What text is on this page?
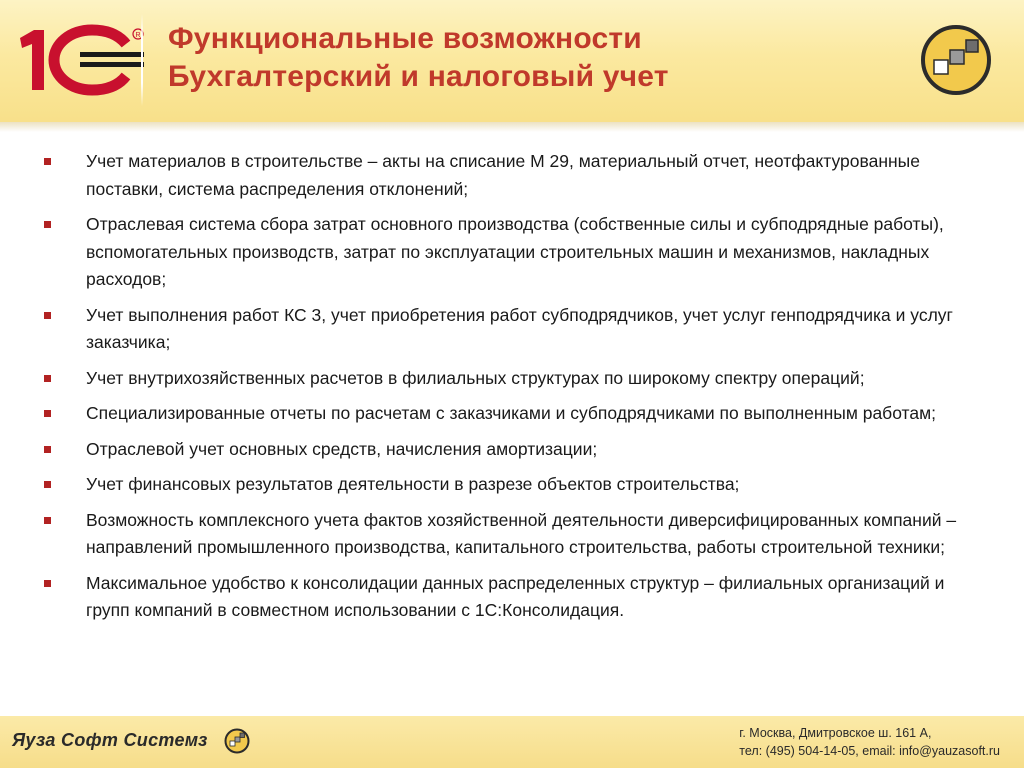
R Функциональные возможности
Бухгалтерский и налоговый учет
Учет материалов в строительстве – акты на списание М 29, материальный отчет, неотфактурованные поставки, система распределения отклонений;
Отраслевая система сбора затрат основного производства (собственные силы и субподрядные работы), вспомогательных производств, затрат по эксплуатации строительных машин и механизмов, накладных расходов;
Учет выполнения работ КС 3, учет приобретения работ субподрядчиков, учет услуг генподрядчика и услуг заказчика;
Учет внутрихозяйственных расчетов в филиальных структурах по широкому спектру операций;
Специализированные отчеты по расчетам с заказчиками и субподрядчиками по выполненным работам;
Отраслевой учет основных средств, начисления амортизации;
Учет финансовых результатов деятельности в разрезе объектов строительства;
Возможность комплексного учета фактов хозяйственной деятельности диверсифицированных компаний – направлений промышленного производства, капитального строительства, работы строительной техники;
Максимальное удобство к консолидации данных распределенных структур – филиальных организаций и групп компаний в совместном использовании с 1С:Консолидация.
Яуза Софт Системз	г. Москва, Дмитровское ш. 161 А,
тел: (495) 504-14-05, email: info@yauzasoft.ru
